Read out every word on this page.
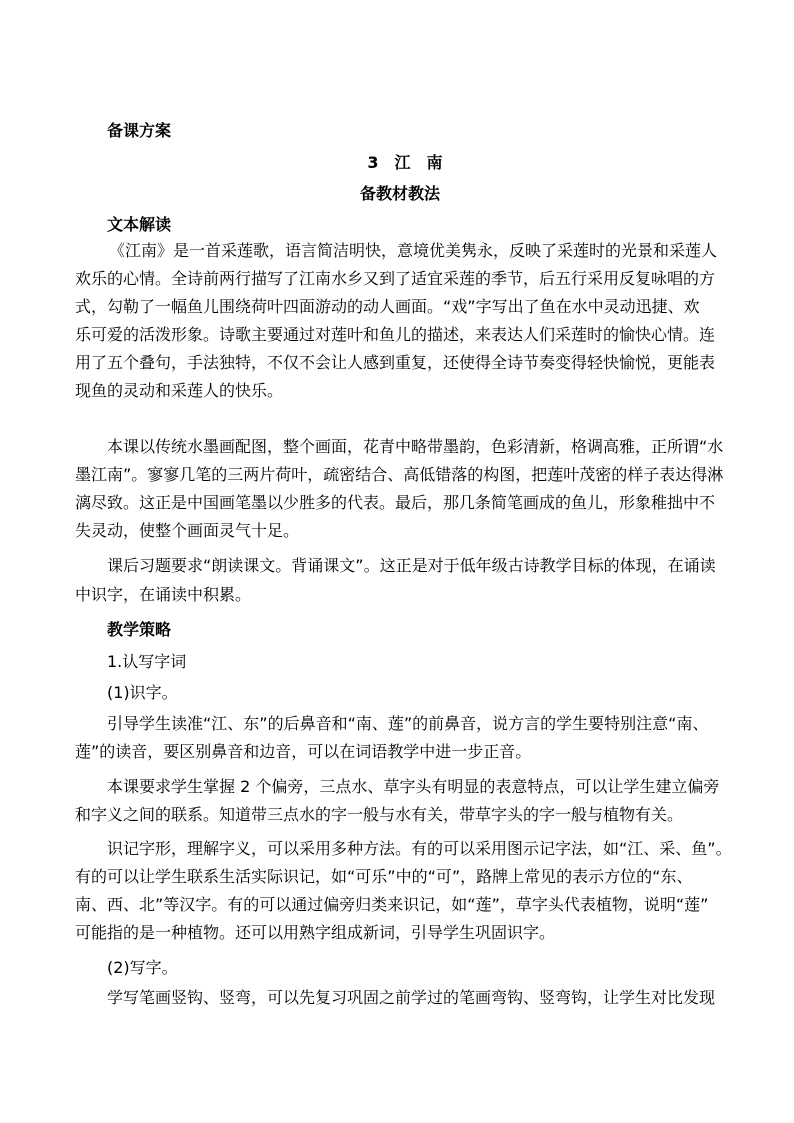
备课方案
3　江　南
备教材教法
文本解读
《江南》是一首采莲歌，语言简洁明快，意境优美隽永，反映了采莲时的光景和采莲人
欢乐的心情。全诗前两行描写了江南水乡又到了适宜采莲的季节，后五行采用反复咏唱的方
式，勾勒了一幅鱼儿围绕荷叶四面游动的动人画面。“戏”字写出了鱼在水中灵动迅捷、欢
乐可爱的活泼形象。诗歌主要通过对莲叶和鱼儿的描述，来表达人们采莲时的愉快心情。连
用了五个叠句，手法独特，不仅不会让人感到重复，还使得全诗节奏变得轻快愉悦，更能表
现鱼的灵动和采莲人的快乐。
本课以传统水墨画配图，整个画面，花青中略带墨韵，色彩清新，格调高雅，正所谓“水
墨江南”。寥寥几笔的三两片荷叶，疏密结合、高低错落的构图，把莲叶茂密的样子表达得淋
漓尽致。这正是中国画笔墨以少胜多的代表。最后，那几条简笔画成的鱼儿，形象稚拙中不
失灵动，使整个画面灵气十足。
课后习题要求“朗读课文。背诵课文”。这正是对于低年级古诗教学目标的体现，在诵读
中识字，在诵读中积累。
教学策略
1.认写字词
(1)识字。
引导学生读准“江、东”的后鼻音和“南、莲”的前鼻音，说方言的学生要特别注意“南、
莲”的读音，要区别鼻音和边音，可以在词语教学中进一步正音。
本课要求学生掌握 2 个偏旁，三点水、草字头有明显的表意特点，可以让学生建立偏旁
和字义之间的联系。知道带三点水的字一般与水有关，带草字头的字一般与植物有关。
识记字形，理解字义，可以采用多种方法。有的可以采用图示记字法，如“江、采、鱼”。
有的可以让学生联系生活实际识记，如“可乐”中的“可”，路牌上常见的表示方位的“东、
南、西、北”等汉字。有的可以通过偏旁归类来识记，如“莲”，草字头代表植物，说明“莲”
可能指的是一种植物。还可以用熟字组成新词，引导学生巩固识字。
(2)写字。
学写笔画竖钩、竖弯，可以先复习巩固之前学过的笔画弯钩、竖弯钩，让学生对比发现
